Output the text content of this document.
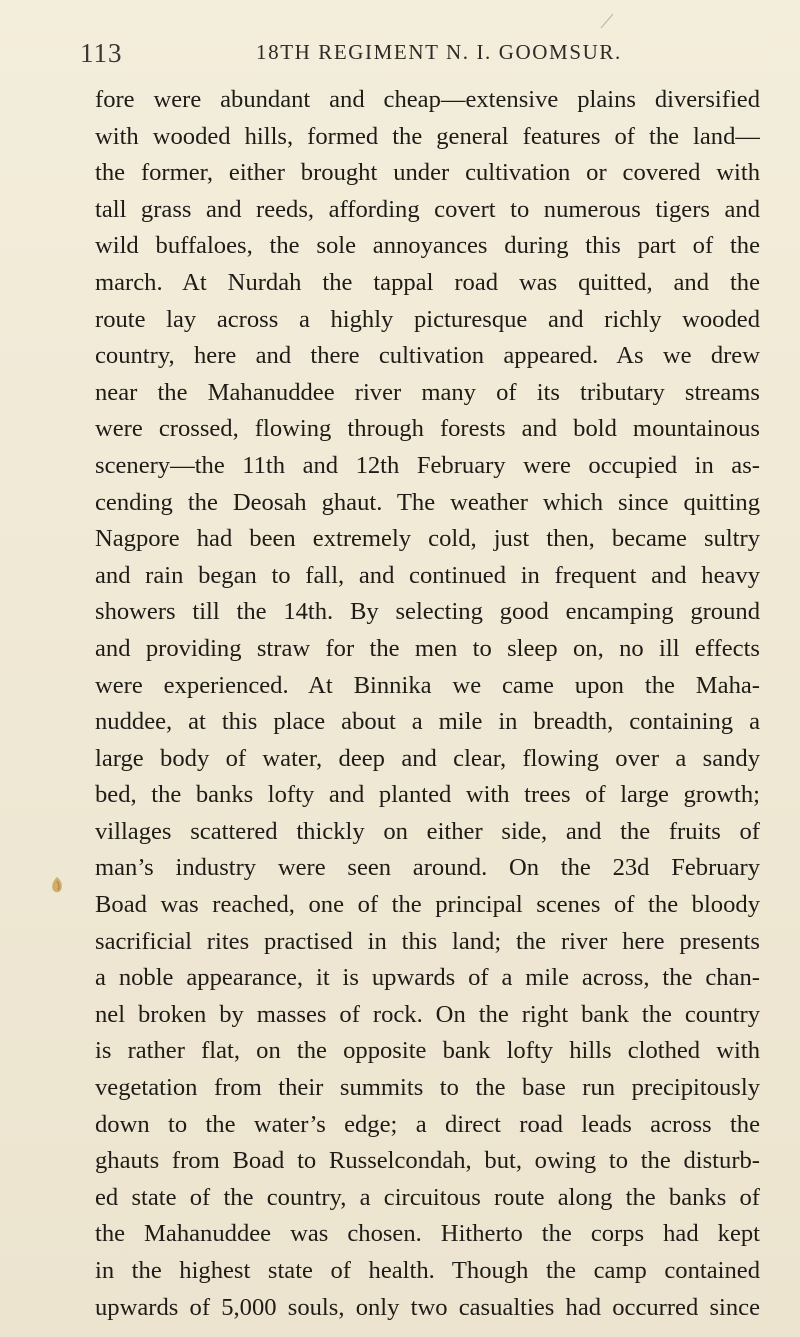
113	18TH REGIMENT N. I. GOOMSUR.
fore were abundant and cheap—extensive plains diversified
with wooded hills, formed the general features of the land—
the former, either brought under cultivation or covered with
tall grass and reeds, affording covert to numerous tigers and
wild buffaloes, the sole annoyances during this part of the
march. At Nurdah the tappal road was quitted, and the
route lay across a highly picturesque and richly wooded
country, here and there cultivation appeared. As we drew
near the Mahanuddee river many of its tributary streams
were crossed, flowing through forests and bold mountainous
scenery—the 11th and 12th February were occupied in as-
cending the Deosah ghaut. The weather which since quitting
Nagpore had been extremely cold, just then, became sultry
and rain began to fall, and continued in frequent and heavy
showers till the 14th. By selecting good encamping ground
and providing straw for the men to sleep on, no ill effects
were experienced. At Binnika we came upon the Maha-
nuddee, at this place about a mile in breadth, containing a
large body of water, deep and clear, flowing over a sandy
bed, the banks lofty and planted with trees of large growth;
villages scattered thickly on either side, and the fruits of
man’s industry were seen around. On the 23d February
Boad was reached, one of the principal scenes of the bloody
sacrificial rites practised in this land; the river here presents
a noble appearance, it is upwards of a mile across, the chan-
nel broken by masses of rock. On the right bank the country
is rather flat, on the opposite bank lofty hills clothed with
vegetation from their summits to the base run precipitously
down to the water’s edge; a direct road leads across the
ghauts from Boad to Russelcondah, but, owing to the disturb-
ed state of the country, a circuitous route along the banks of
the Mahanuddee was chosen. Hitherto the corps had kept
in the highest state of health. Though the camp contained
upwards of 5,000 souls, only two casualties had occurred since
